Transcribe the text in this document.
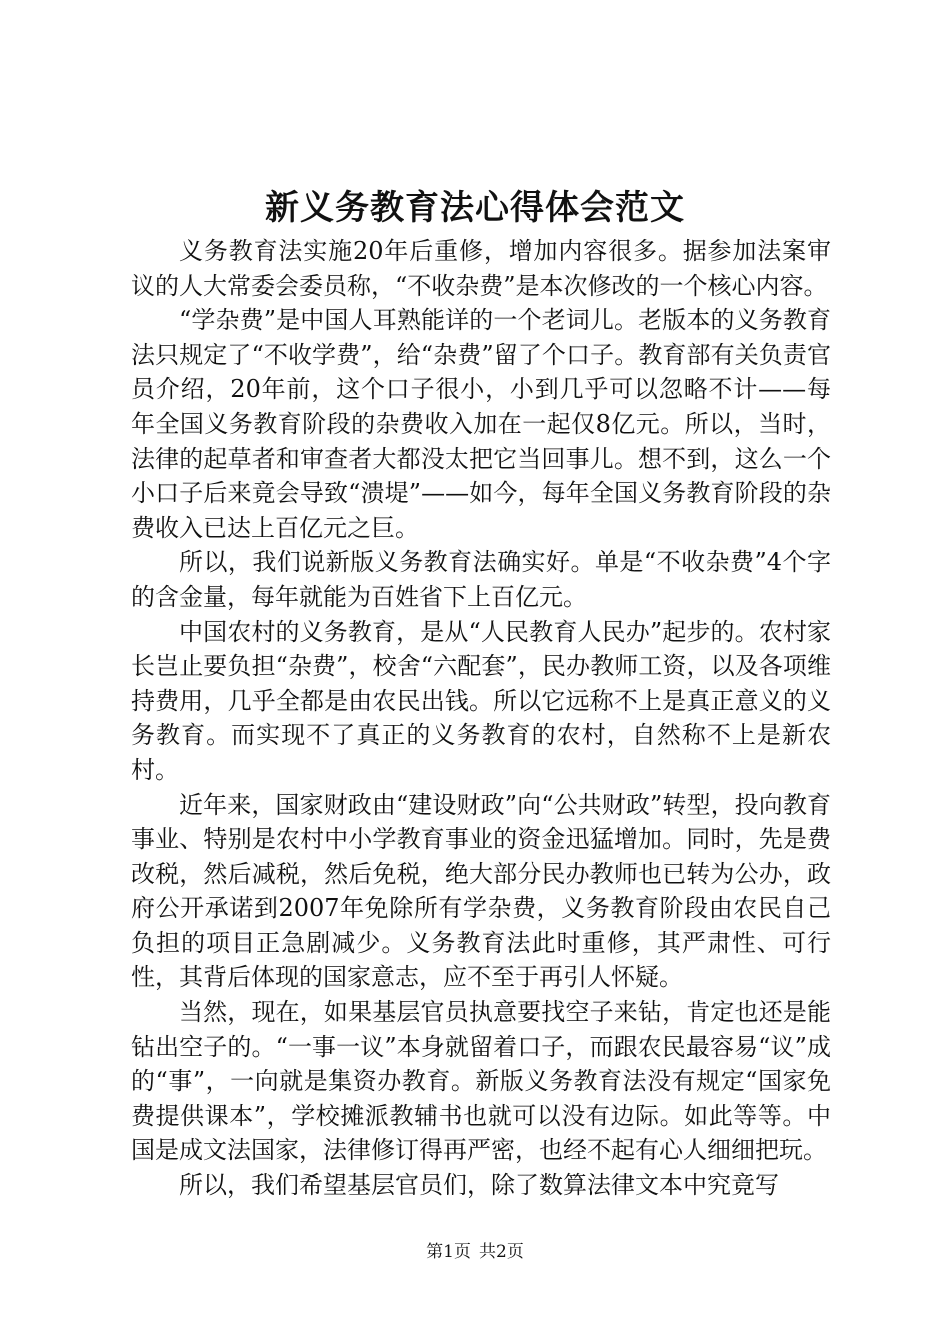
新义务教育法心得体会范文

义务教育法实施20年后重修，增加内容很多。据参加法案审议的人大常委会委员称，“不收杂费”是本次修改的一个核心内容。

“学杂费”是中国人耳熟能详的一个老词儿。老版本的义务教育法只规定了“不收学费”，给“杂费”留了个口子。教育部有关负责官员介绍，20年前，这个口子很小，小到几乎可以忽略不计——每年全国义务教育阶段的杂费收入加在一起仅8亿元。所以，当时，法律的起草者和审查者大都没太把它当回事儿。想不到，这么一个小口子后来竟会导致“溃堤”——如今，每年全国义务教育阶段的杂费收入已达上百亿元之巨。

所以，我们说新版义务教育法确实好。单是“不收杂费”4个字的含金量，每年就能为百姓省下上百亿元。

中国农村的义务教育，是从“人民教育人民办”起步的。农村家长岂止要负担“杂费”，校舍“六配套”，民办教师工资，以及各项维持费用，几乎全都是由农民出钱。所以它远称不上是真正意义的义务教育。而实现不了真正的义务教育的农村，自然称不上是新农村。

近年来，国家财政由“建设财政”向“公共财政”转型，投向教育事业、特别是农村中小学教育事业的资金迅猛增加。同时，先是费改税，然后减税，然后免税，绝大部分民办教师也已转为公办，政府公开承诺到2007年免除所有学杂费，义务教育阶段由农民自己负担的项目正急剧减少。义务教育法此时重修，其严肃性、可行性，其背后体现的国家意志，应不至于再引人怀疑。

当然，现在，如果基层官员执意要找空子来钻，肯定也还是能钻出空子的。“一事一议”本身就留着口子，而跟农民最容易“议”成的“事”，一向就是集资办教育。新版义务教育法没有规定“国家免费提供课本”，学校摊派教辅书也就可以没有边际。如此等等。中国是成文法国家，法律修订得再严密，也经不起有心人细细把玩。

所以，我们希望基层官员们，除了数算法律文本中究竟写

第1页 共2页
